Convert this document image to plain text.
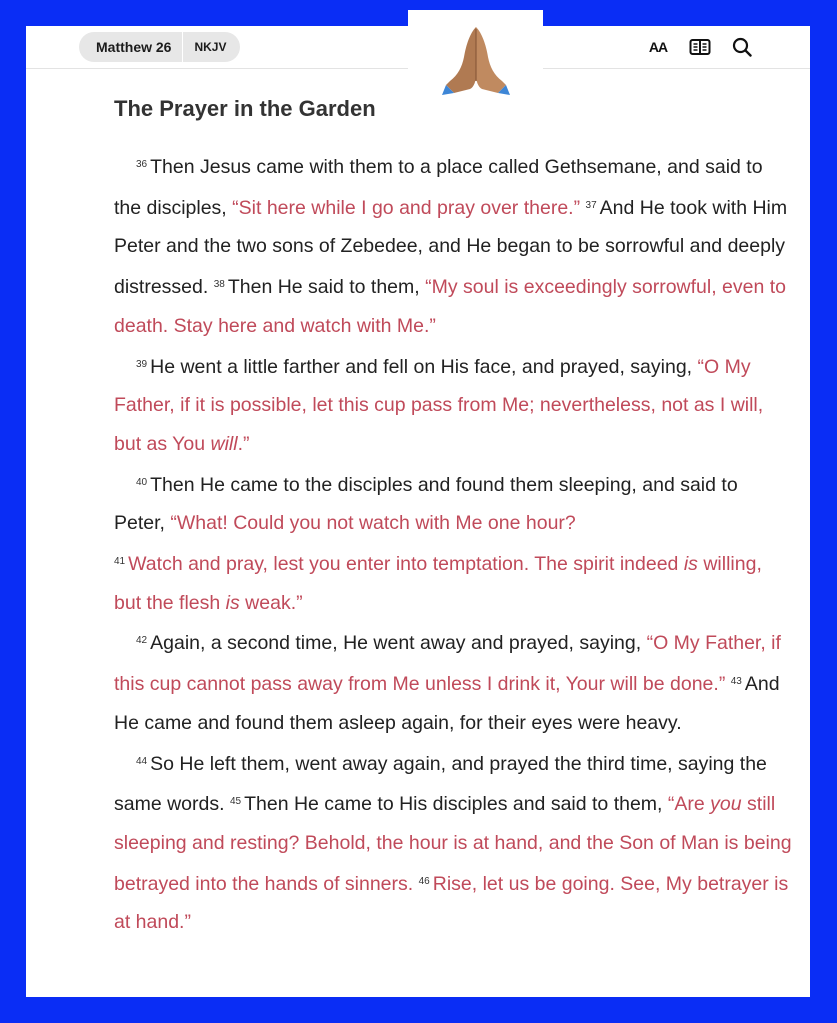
Matthew 26	NKJV	AA
The Prayer in the Garden

$^{36}$ Then Jesus came with them to a place called Gethsemane, and said to the disciples, “Sit here while I go and pray over there.” $^{37}$ And He took with Him Peter and the two sons of Zebedee, and He began to be sorrowful and deeply distressed. $^{38}$ Then He said to them, “My soul is exceedingly sorrowful, even to death. Stay here and watch with Me.”

$^{39}$ He went a little farther and fell on His face, and prayed, saying, “O My Father, if it is possible, let this cup pass from Me; nevertheless, not as I will, but as You will.”

$^{40}$ Then He came to the disciples and found them sleeping, and said to Peter, “What! Could you not watch with Me one hour?
$^{41}$ Watch and pray, lest you enter into temptation. The spirit indeed is willing, but the flesh is weak.”

$^{42}$ Again, a second time, He went away and prayed, saying, “O My Father, if this cup cannot pass away from Me unless I drink it, Your will be done.” $^{43}$ And He came and found them asleep again, for their eyes were heavy.

$^{44}$ So He left them, went away again, and prayed the third time, saying the same words. $^{45}$ Then He came to His disciples and said to them, “Are you still sleeping and resting? Behold, the hour is at hand, and the Son of Man is being betrayed into the hands of sinners. $^{46}$ Rise, let us be going. See, My betrayer is at hand.”
